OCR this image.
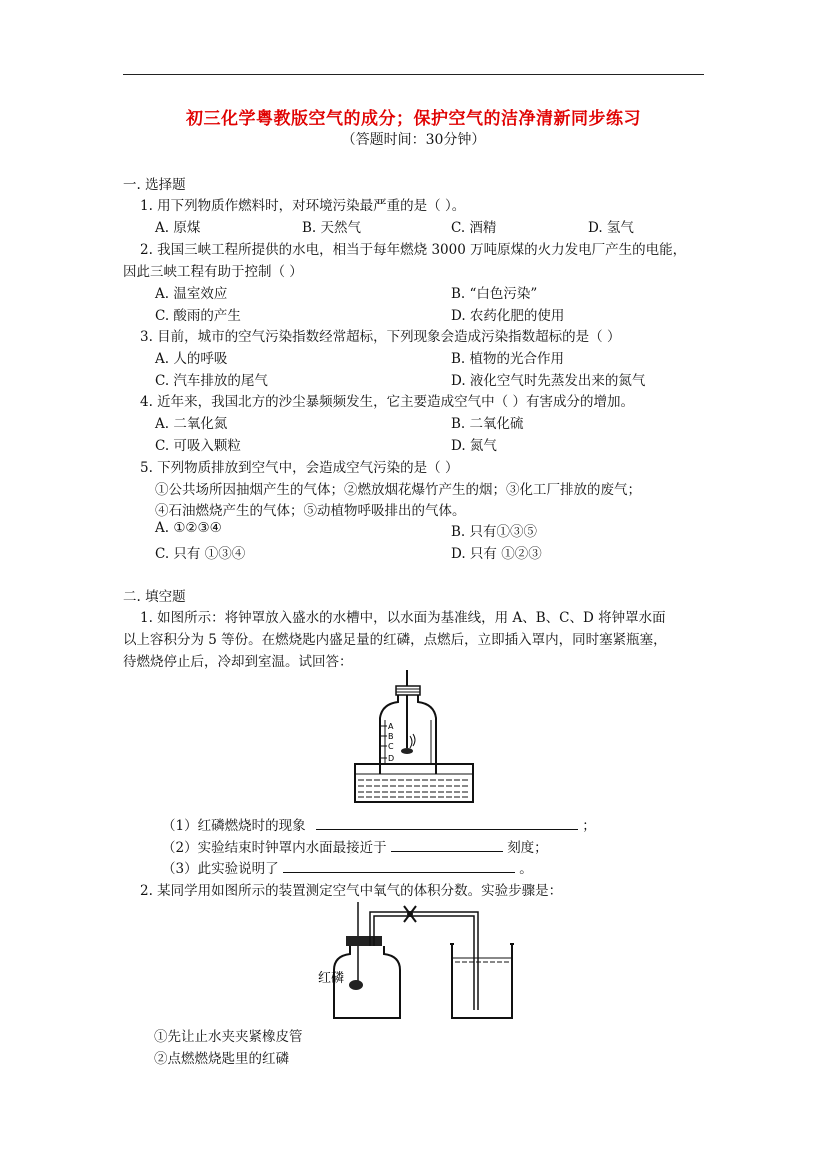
初三化学粤教版空气的成分；保护空气的洁净清新同步练习
（答题时间：30分钟）
一. 选择题
1. 用下列物质作燃料时，对环境污染最严重的是（ ）。
A. 原煤	B. 天然气	C. 酒精	D. 氢气
2. 我国三峡工程所提供的水电，相当于每年燃烧 3000 万吨原煤的火力发电厂产生的电能，
因此三峡工程有助于控制（ ）
A. 温室效应	B. “白色污染”
C. 酸雨的产生	D. 农药化肥的使用
3. 目前，城市的空气污染指数经常超标，下列现象会造成污染指数超标的是（ ）
A. 人的呼吸	B. 植物的光合作用
C. 汽车排放的尾气	D. 液化空气时先蒸发出来的氮气
4. 近年来，我国北方的沙尘暴频频发生，它主要造成空气中（ ）有害成分的增加。
A. 二氧化氮	B. 二氧化硫
C. 可吸入颗粒	D. 氮气
5. 下列物质排放到空气中，会造成空气污染的是（ ）
①公共场所因抽烟产生的气体；②燃放烟花爆竹产生的烟；③化工厂排放的废气；
④石油燃烧产生的气体；⑤动植物呼吸排出的气体。
A. ①②③④	B. 只有①③⑤
C. 只有 ①③④	D. 只有 ①②③
二. 填空题
1. 如图所示：将钟罩放入盛水的水槽中，以水面为基准线，用 A、B、C、D 将钟罩水面
以上容积分为 5 等份。在燃烧匙内盛足量的红磷，点燃后，立即插入罩内，同时塞紧瓶塞，
待燃烧停止后，冷却到室温。试回答：
A
B
C
D
（1）红磷燃烧时的现象	；
（2）实验结束时钟罩内水面最接近于	刻度；
（3）此实验说明了	。
2. 某同学用如图所示的装置测定空气中氧气的体积分数。实验步骤是：
红磷
①先让止水夹夹紧橡皮管
②点燃燃烧匙里的红磷
